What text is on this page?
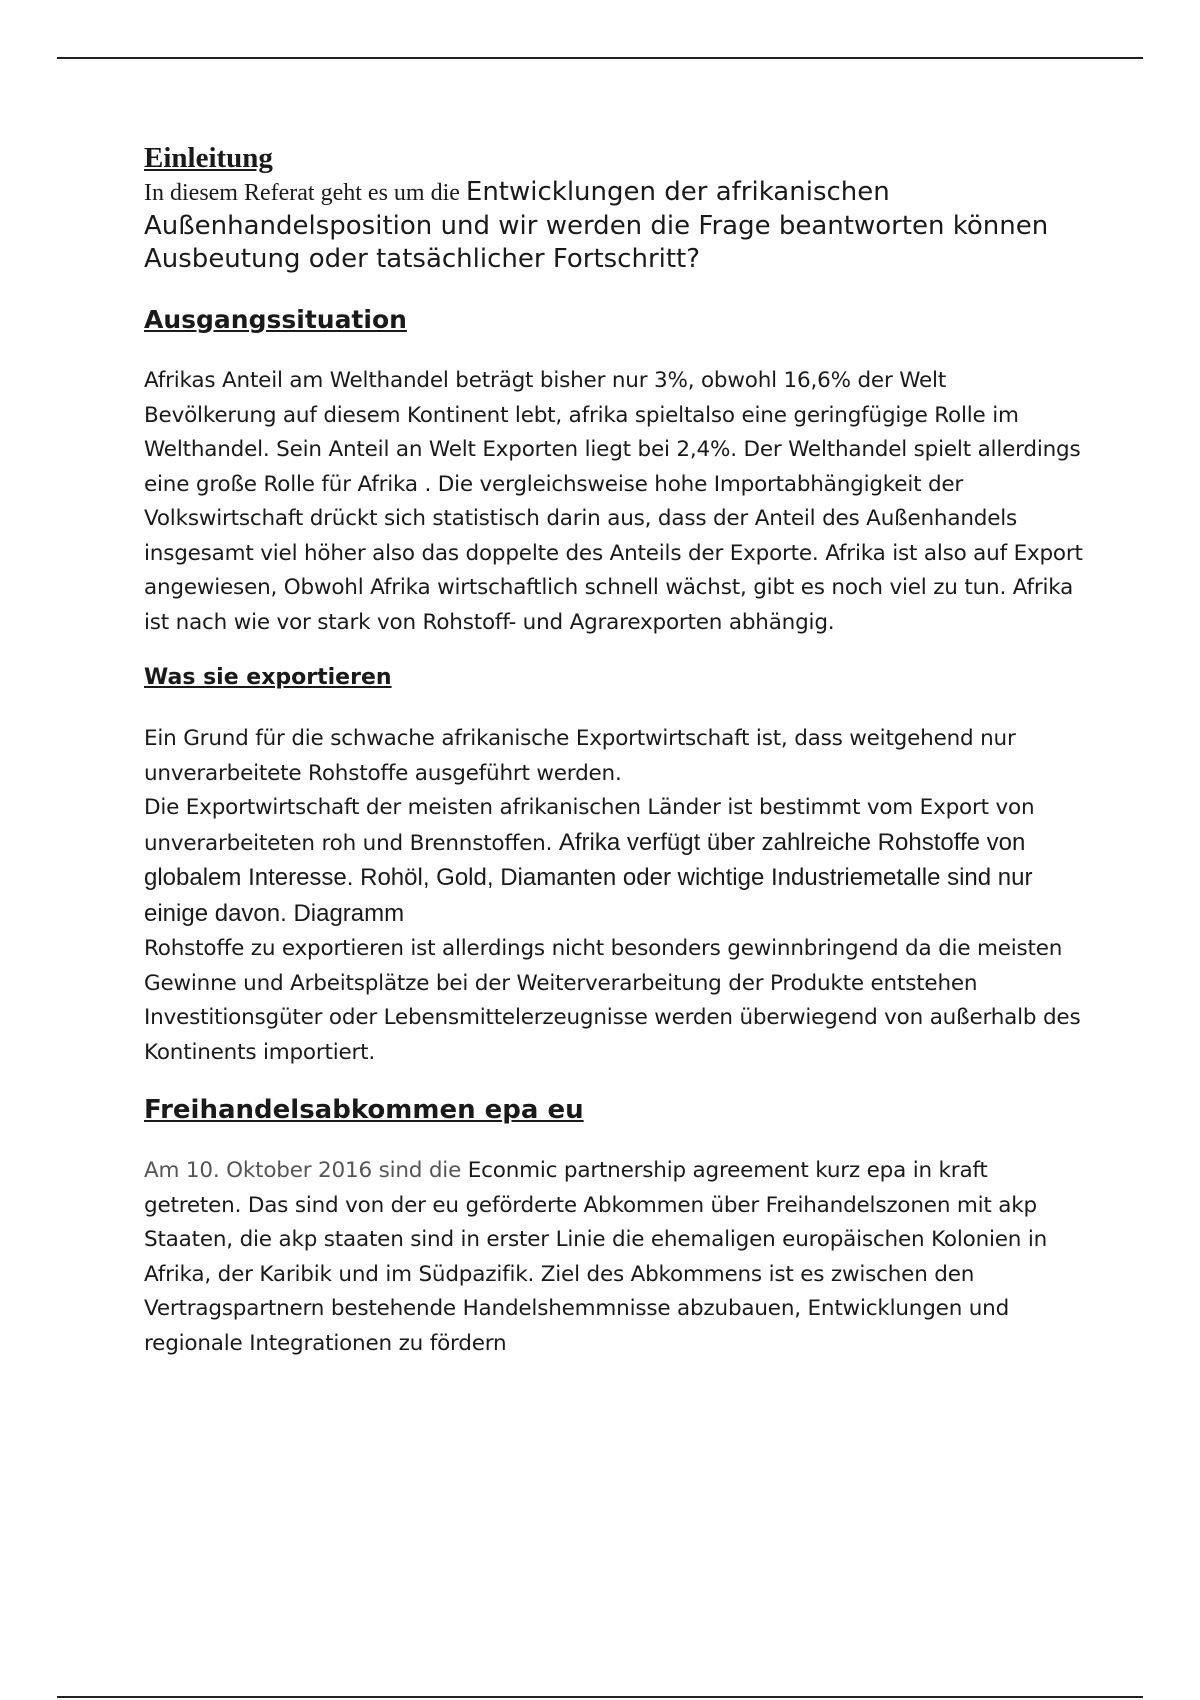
Einleitung

In diesem Referat geht es um die Entwicklungen der afrikanischen Außenhandelsposition und wir werden die Frage beantworten können
Ausbeutung oder tatsächlicher Fortschritt?

Ausgangssituation

Afrikas Anteil am Welthandel beträgt bisher nur 3%, obwohl 16,6% der Welt Bevölkerung auf diesem Kontinent lebt, afrika spieltalso eine geringfügige Rolle im Welthandel. Sein Anteil an Welt Exporten liegt bei 2,4%. Der Welthandel spielt allerdings eine große Rolle für Afrika . Die vergleichsweise hohe Importabhängigkeit der Volkswirtschaft drückt sich statistisch darin aus, dass der Anteil des Außenhandels insgesamt viel höher also das doppelte des Anteils der Exporte. Afrika ist also auf Export angewiesen, Obwohl Afrika wirtschaftlich schnell wächst, gibt es noch viel zu tun. Afrika ist nach wie vor stark von Rohstoff- und Agrarexporten abhängig.

Was sie exportieren
Ein Grund für die schwache afrikanische Exportwirtschaft ist, dass weitgehend nur unverarbeitete Rohstoffe ausgeführt werden.
Die Exportwirtschaft der meisten afrikanischen Länder ist bestimmt vom Export von unverarbeiteten roh und Brennstoffen. Afrika verfügt über zahlreiche Rohstoffe von globalem Interesse. Rohöl, Gold, Diamanten oder wichtige Industriemetalle sind nur einige davon. Diagramm
Rohstoffe zu exportieren ist allerdings nicht besonders gewinnbringend da die meisten Gewinne und Arbeitsplätze bei der Weiterverarbeitung der Produkte entstehen
Investitionsgüter oder Lebensmittelerzeugnisse werden überwiegend von außerhalb des Kontinents importiert.
Freihandelsabkommen epa eu

Am 10. Oktober 2016 sind die Econmic partnership agreement kurz epa in kraft getreten. Das sind von der eu geförderte Abkommen über Freihandelszonen mit akp Staaten, die akp staaten sind in erster Linie die ehemaligen europäischen Kolonien in Afrika, der Karibik und im Südpazifik. Ziel des Abkommens ist es zwischen den Vertragspartnern bestehende Handelshemmnisse abzubauen, Entwicklungen und regionale Integrationen zu fördern
